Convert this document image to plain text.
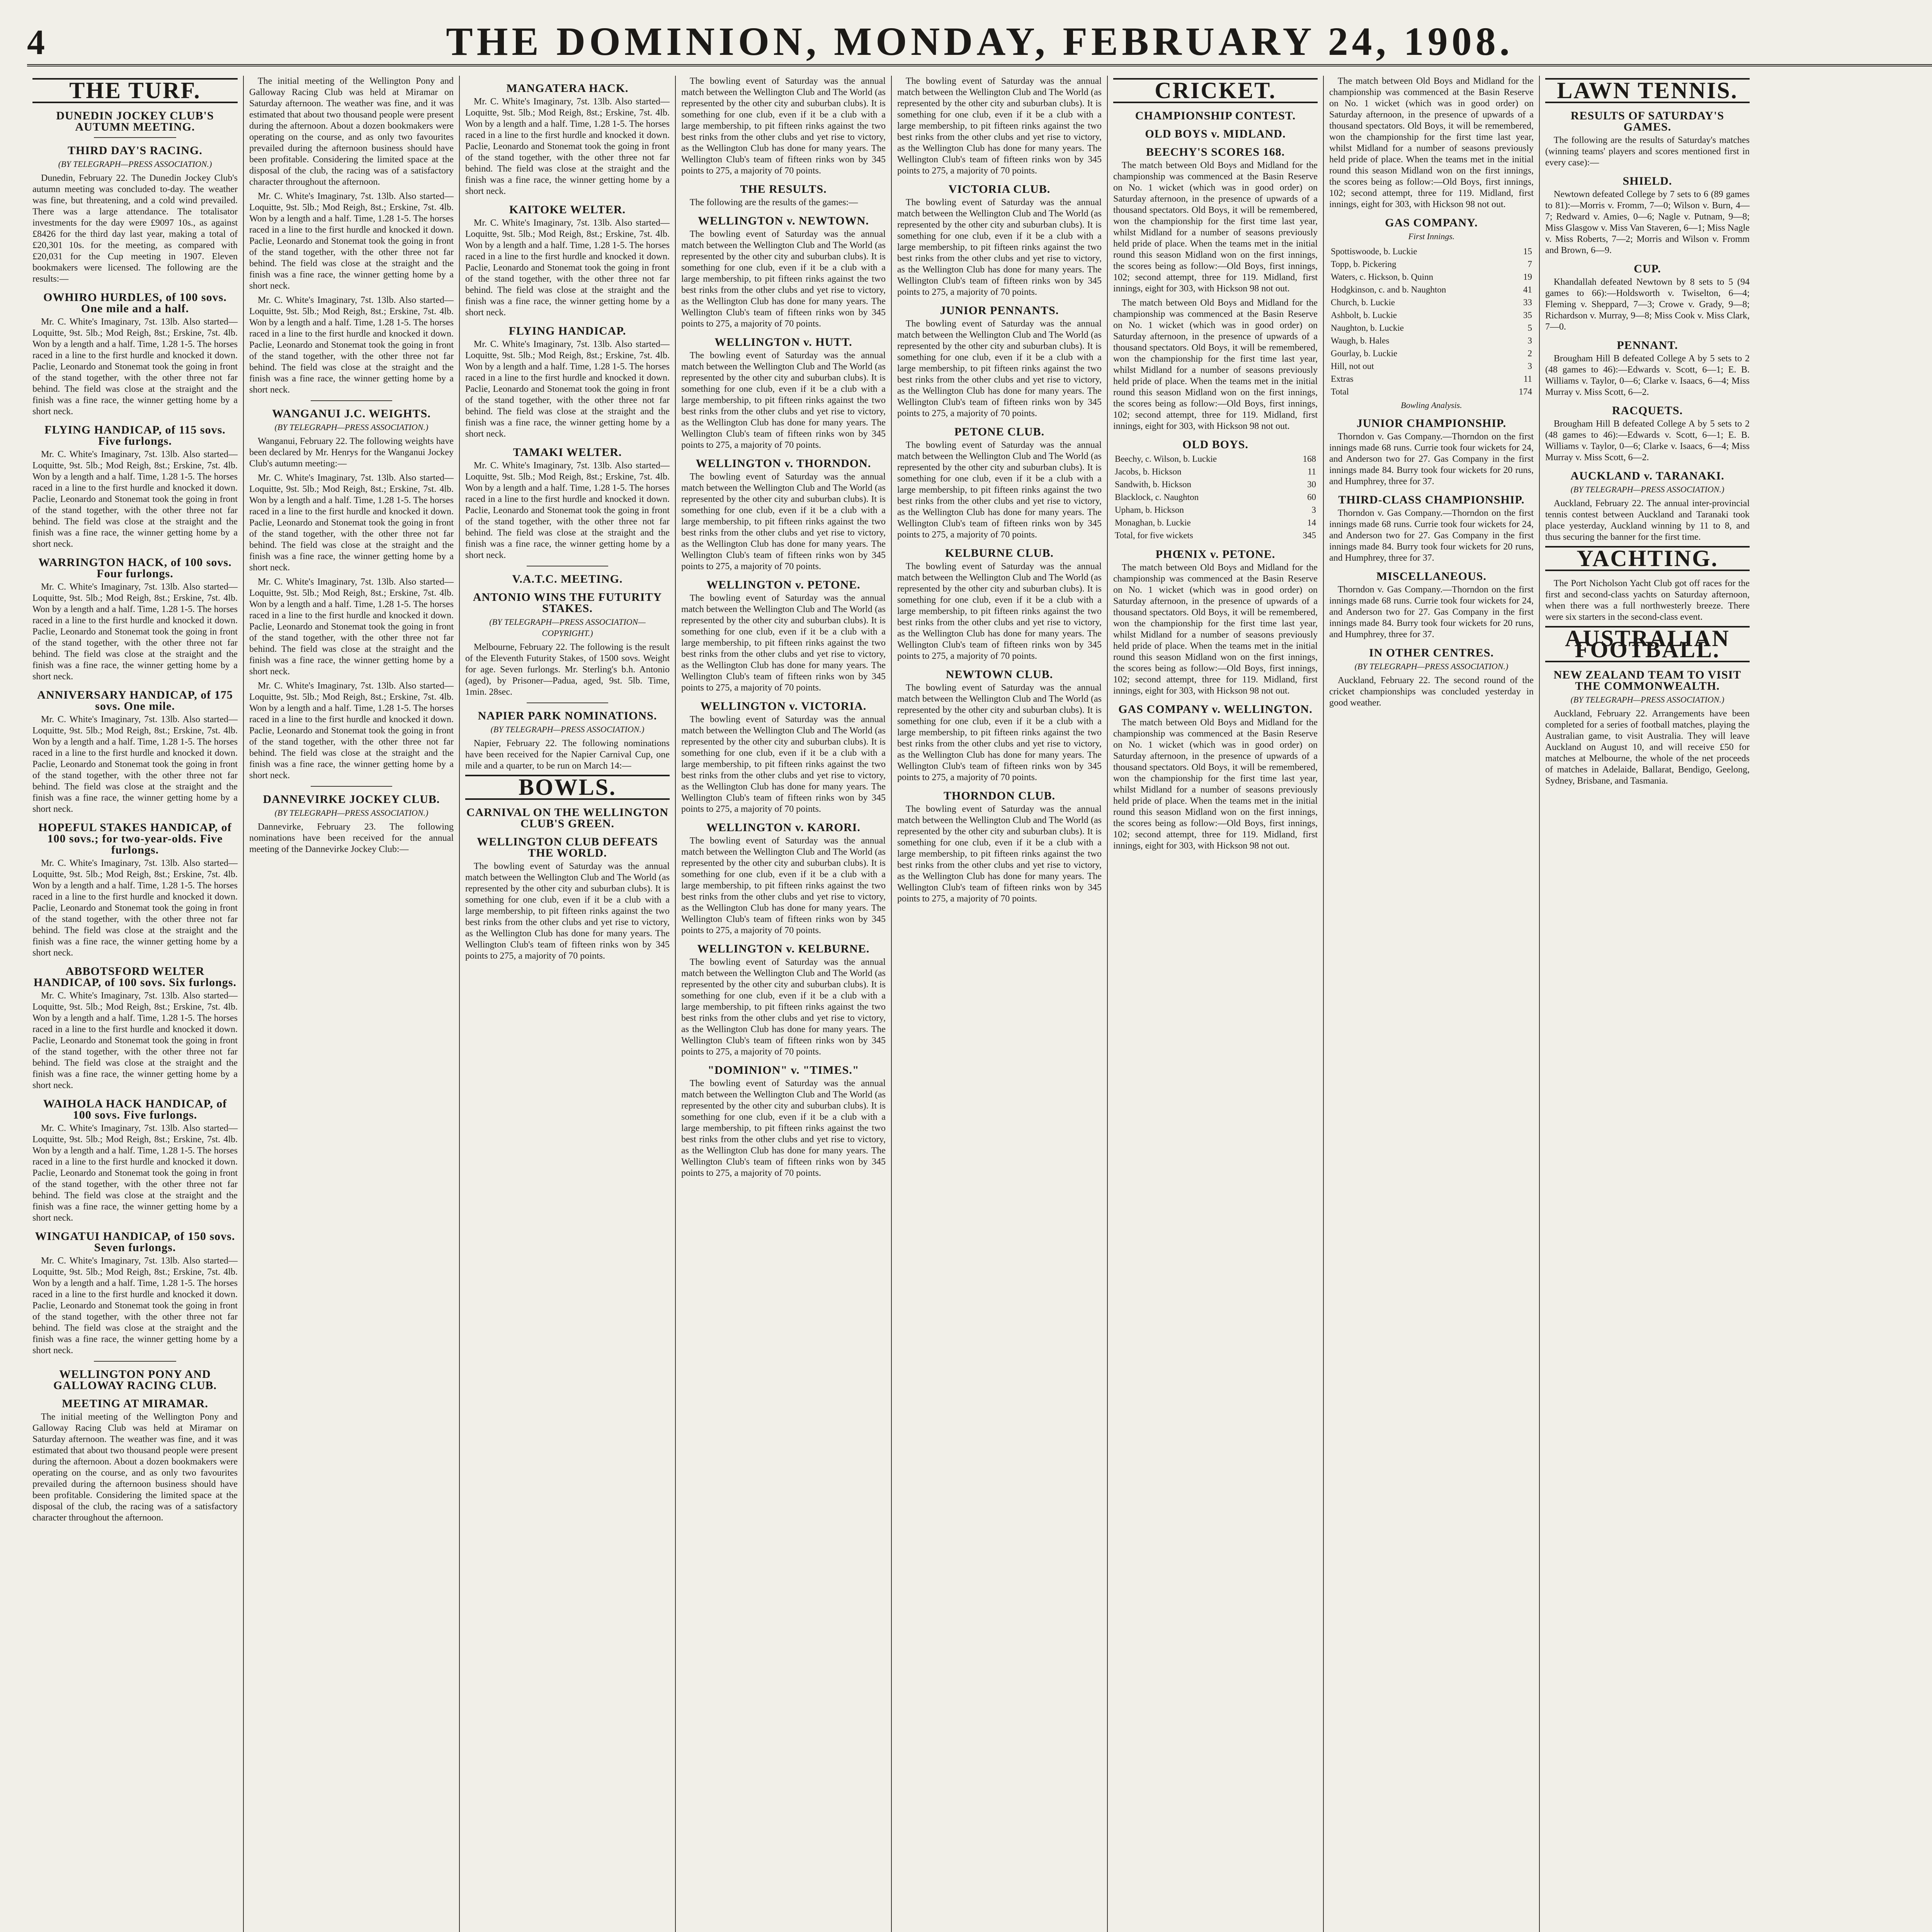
4	THE DOMINION, MONDAY, FEBRUARY 24, 1908.
THE TURF.
DUNEDIN JOCKEY CLUB'S AUTUMN MEETING.
THIRD DAY'S RACING.
(BY TELEGRAPH—PRESS ASSOCIATION.)

Dunedin, February 22. The Dunedin Jockey Club's autumn meeting was concluded to-day. The weather was fine, but threatening, and a cold wind prevailed. There was a large attendance. The totalisator investments for the day were £9097 10s., as against £8426 for the third day last year, making a total of £20,301 10s. for the meeting, as compared with £20,031 for the Cup meeting in 1907. Eleven bookmakers were licensed. The following are the results:—

OWHIRO HURDLES, of 100 sovs. One mile and a half.

Mr. C. White's Imaginary, 7st. 13lb. Also started—Loquitte, 9st. 5lb.; Mod Reigh, 8st.; Erskine, 7st. 4lb. Won by a length and a half. Time, 1.28 1-5. The horses raced in a line to the first hurdle and knocked it down. Paclie, Leonardo and Stonemat took the going in front of the stand together, with the other three not far behind. The field was close at the straight and the finish was a fine race, the winner getting home by a short neck.

FLYING HANDICAP, of 115 sovs. Five furlongs.

Mr. C. White's Imaginary, 7st. 13lb. Also started—Loquitte, 9st. 5lb.; Mod Reigh, 8st.; Erskine, 7st. 4lb. Won by a length and a half. Time, 1.28 1-5. The horses raced in a line to the first hurdle and knocked it down. Paclie, Leonardo and Stonemat took the going in front of the stand together, with the other three not far behind. The field was close at the straight and the finish was a fine race, the winner getting home by a short neck.

WARRINGTON HACK, of 100 sovs. Four furlongs.

Mr. C. White's Imaginary, 7st. 13lb. Also started—Loquitte, 9st. 5lb.; Mod Reigh, 8st.; Erskine, 7st. 4lb. Won by a length and a half. Time, 1.28 1-5. The horses raced in a line to the first hurdle and knocked it down. Paclie, Leonardo and Stonemat took the going in front of the stand together, with the other three not far behind. The field was close at the straight and the finish was a fine race, the winner getting home by a short neck.

ANNIVERSARY HANDICAP, of 175 sovs. One mile.

Mr. C. White's Imaginary, 7st. 13lb. Also started—Loquitte, 9st. 5lb.; Mod Reigh, 8st.; Erskine, 7st. 4lb. Won by a length and a half. Time, 1.28 1-5. The horses raced in a line to the first hurdle and knocked it down. Paclie, Leonardo and Stonemat took the going in front of the stand together, with the other three not far behind. The field was close at the straight and the finish was a fine race, the winner getting home by a short neck.

HOPEFUL STAKES HANDICAP, of 100 sovs.; for two-year-olds. Five furlongs.

Mr. C. White's Imaginary, 7st. 13lb. Also started—Loquitte, 9st. 5lb.; Mod Reigh, 8st.; Erskine, 7st. 4lb. Won by a length and a half. Time, 1.28 1-5. The horses raced in a line to the first hurdle and knocked it down. Paclie, Leonardo and Stonemat took the going in front of the stand together, with the other three not far behind. The field was close at the straight and the finish was a fine race, the winner getting home by a short neck.

ABBOTSFORD WELTER HANDICAP, of 100 sovs. Six furlongs.

Mr. C. White's Imaginary, 7st. 13lb. Also started—Loquitte, 9st. 5lb.; Mod Reigh, 8st.; Erskine, 7st. 4lb. Won by a length and a half. Time, 1.28 1-5. The horses raced in a line to the first hurdle and knocked it down. Paclie, Leonardo and Stonemat took the going in front of the stand together, with the other three not far behind. The field was close at the straight and the finish was a fine race, the winner getting home by a short neck.

WAIHOLA HACK HANDICAP, of 100 sovs. Five furlongs.

Mr. C. White's Imaginary, 7st. 13lb. Also started—Loquitte, 9st. 5lb.; Mod Reigh, 8st.; Erskine, 7st. 4lb. Won by a length and a half. Time, 1.28 1-5. The horses raced in a line to the first hurdle and knocked it down. Paclie, Leonardo and Stonemat took the going in front of the stand together, with the other three not far behind. The field was close at the straight and the finish was a fine race, the winner getting home by a short neck.

WINGATUI HANDICAP, of 150 sovs. Seven furlongs.

Mr. C. White's Imaginary, 7st. 13lb. Also started—Loquitte, 9st. 5lb.; Mod Reigh, 8st.; Erskine, 7st. 4lb. Won by a length and a half. Time, 1.28 1-5. The horses raced in a line to the first hurdle and knocked it down. Paclie, Leonardo and Stonemat took the going in front of the stand together, with the other three not far behind. The field was close at the straight and the finish was a fine race, the winner getting home by a short neck.

WELLINGTON PONY AND GALLOWAY RACING CLUB.
MEETING AT MIRAMAR.

The initial meeting of the Wellington Pony and Galloway Racing Club was held at Miramar on Saturday afternoon. The weather was fine, and it was estimated that about two thousand people were present during the afternoon. About a dozen bookmakers were operating on the course, and as only two favourites prevailed during the afternoon business should have been profitable. Considering the limited space at the disposal of the club, the racing was of a satisfactory character throughout the afternoon.

The initial meeting of the Wellington Pony and Galloway Racing Club was held at Miramar on Saturday afternoon. The weather was fine, and it was estimated that about two thousand people were present during the afternoon. About a dozen bookmakers were operating on the course, and as only two favourites prevailed during the afternoon business should have been profitable. Considering the limited space at the disposal of the club, the racing was of a satisfactory character throughout the afternoon.

Mr. C. White's Imaginary, 7st. 13lb. Also started—Loquitte, 9st. 5lb.; Mod Reigh, 8st.; Erskine, 7st. 4lb. Won by a length and a half. Time, 1.28 1-5. The horses raced in a line to the first hurdle and knocked it down. Paclie, Leonardo and Stonemat took the going in front of the stand together, with the other three not far behind. The field was close at the straight and the finish was a fine race, the winner getting home by a short neck.

Mr. C. White's Imaginary, 7st. 13lb. Also started—Loquitte, 9st. 5lb.; Mod Reigh, 8st.; Erskine, 7st. 4lb. Won by a length and a half. Time, 1.28 1-5. The horses raced in a line to the first hurdle and knocked it down. Paclie, Leonardo and Stonemat took the going in front of the stand together, with the other three not far behind. The field was close at the straight and the finish was a fine race, the winner getting home by a short neck.

WANGANUI J.C. WEIGHTS.
(BY TELEGRAPH—PRESS ASSOCIATION.)

Wanganui, February 22. The following weights have been declared by Mr. Henrys for the Wanganui Jockey Club's autumn meeting:—

Mr. C. White's Imaginary, 7st. 13lb. Also started—Loquitte, 9st. 5lb.; Mod Reigh, 8st.; Erskine, 7st. 4lb. Won by a length and a half. Time, 1.28 1-5. The horses raced in a line to the first hurdle and knocked it down. Paclie, Leonardo and Stonemat took the going in front of the stand together, with the other three not far behind. The field was close at the straight and the finish was a fine race, the winner getting home by a short neck.

Mr. C. White's Imaginary, 7st. 13lb. Also started—Loquitte, 9st. 5lb.; Mod Reigh, 8st.; Erskine, 7st. 4lb. Won by a length and a half. Time, 1.28 1-5. The horses raced in a line to the first hurdle and knocked it down. Paclie, Leonardo and Stonemat took the going in front of the stand together, with the other three not far behind. The field was close at the straight and the finish was a fine race, the winner getting home by a short neck.

Mr. C. White's Imaginary, 7st. 13lb. Also started—Loquitte, 9st. 5lb.; Mod Reigh, 8st.; Erskine, 7st. 4lb. Won by a length and a half. Time, 1.28 1-5. The horses raced in a line to the first hurdle and knocked it down. Paclie, Leonardo and Stonemat took the going in front of the stand together, with the other three not far behind. The field was close at the straight and the finish was a fine race, the winner getting home by a short neck.

DANNEVIRKE JOCKEY CLUB.
(BY TELEGRAPH—PRESS ASSOCIATION.)

Dannevirke, February 23. The following nominations have been received for the annual meeting of the Dannevirke Jockey Club:—

MANGATERA HACK.

Mr. C. White's Imaginary, 7st. 13lb. Also started—Loquitte, 9st. 5lb.; Mod Reigh, 8st.; Erskine, 7st. 4lb. Won by a length and a half. Time, 1.28 1-5. The horses raced in a line to the first hurdle and knocked it down. Paclie, Leonardo and Stonemat took the going in front of the stand together, with the other three not far behind. The field was close at the straight and the finish was a fine race, the winner getting home by a short neck.

KAITOKE WELTER.

Mr. C. White's Imaginary, 7st. 13lb. Also started—Loquitte, 9st. 5lb.; Mod Reigh, 8st.; Erskine, 7st. 4lb. Won by a length and a half. Time, 1.28 1-5. The horses raced in a line to the first hurdle and knocked it down. Paclie, Leonardo and Stonemat took the going in front of the stand together, with the other three not far behind. The field was close at the straight and the finish was a fine race, the winner getting home by a short neck.

FLYING HANDICAP.

Mr. C. White's Imaginary, 7st. 13lb. Also started—Loquitte, 9st. 5lb.; Mod Reigh, 8st.; Erskine, 7st. 4lb. Won by a length and a half. Time, 1.28 1-5. The horses raced in a line to the first hurdle and knocked it down. Paclie, Leonardo and Stonemat took the going in front of the stand together, with the other three not far behind. The field was close at the straight and the finish was a fine race, the winner getting home by a short neck.

TAMAKI WELTER.

Mr. C. White's Imaginary, 7st. 13lb. Also started—Loquitte, 9st. 5lb.; Mod Reigh, 8st.; Erskine, 7st. 4lb. Won by a length and a half. Time, 1.28 1-5. The horses raced in a line to the first hurdle and knocked it down. Paclie, Leonardo and Stonemat took the going in front of the stand together, with the other three not far behind. The field was close at the straight and the finish was a fine race, the winner getting home by a short neck.

V.A.T.C. MEETING.
ANTONIO WINS THE FUTURITY STAKES.
(BY TELEGRAPH—PRESS ASSOCIATION—COPYRIGHT.)

Melbourne, February 22. The following is the result of the Eleventh Futurity Stakes, of 1500 sovs. Weight for age. Seven furlongs. Mr. Sterling's b.h. Antonio (aged), by Prisoner—Padua, aged, 9st. 5lb. Time, 1min. 28sec.

NAPIER PARK NOMINATIONS.
(BY TELEGRAPH—PRESS ASSOCIATION.)

Napier, February 22. The following nominations have been received for the Napier Carnival Cup, one mile and a quarter, to be run on March 14:—

BOWLS.
CARNIVAL ON THE WELLINGTON CLUB'S GREEN.
WELLINGTON CLUB DEFEATS THE WORLD.

The bowling event of Saturday was the annual match between the Wellington Club and The World (as represented by the other city and suburban clubs). It is something for one club, even if it be a club with a large membership, to pit fifteen rinks against the two best rinks from the other clubs and yet rise to victory, as the Wellington Club has done for many years. The Wellington Club's team of fifteen rinks won by 345 points to 275, a majority of 70 points.

The bowling event of Saturday was the annual match between the Wellington Club and The World (as represented by the other city and suburban clubs). It is something for one club, even if it be a club with a large membership, to pit fifteen rinks against the two best rinks from the other clubs and yet rise to victory, as the Wellington Club has done for many years. The Wellington Club's team of fifteen rinks won by 345 points to 275, a majority of 70 points.

THE RESULTS.

The following are the results of the games:—

WELLINGTON v. NEWTOWN.

The bowling event of Saturday was the annual match between the Wellington Club and The World (as represented by the other city and suburban clubs). It is something for one club, even if it be a club with a large membership, to pit fifteen rinks against the two best rinks from the other clubs and yet rise to victory, as the Wellington Club has done for many years. The Wellington Club's team of fifteen rinks won by 345 points to 275, a majority of 70 points.

WELLINGTON v. HUTT.

The bowling event of Saturday was the annual match between the Wellington Club and The World (as represented by the other city and suburban clubs). It is something for one club, even if it be a club with a large membership, to pit fifteen rinks against the two best rinks from the other clubs and yet rise to victory, as the Wellington Club has done for many years. The Wellington Club's team of fifteen rinks won by 345 points to 275, a majority of 70 points.

WELLINGTON v. THORNDON.

The bowling event of Saturday was the annual match between the Wellington Club and The World (as represented by the other city and suburban clubs). It is something for one club, even if it be a club with a large membership, to pit fifteen rinks against the two best rinks from the other clubs and yet rise to victory, as the Wellington Club has done for many years. The Wellington Club's team of fifteen rinks won by 345 points to 275, a majority of 70 points.

WELLINGTON v. PETONE.

The bowling event of Saturday was the annual match between the Wellington Club and The World (as represented by the other city and suburban clubs). It is something for one club, even if it be a club with a large membership, to pit fifteen rinks against the two best rinks from the other clubs and yet rise to victory, as the Wellington Club has done for many years. The Wellington Club's team of fifteen rinks won by 345 points to 275, a majority of 70 points.

WELLINGTON v. VICTORIA.

The bowling event of Saturday was the annual match between the Wellington Club and The World (as represented by the other city and suburban clubs). It is something for one club, even if it be a club with a large membership, to pit fifteen rinks against the two best rinks from the other clubs and yet rise to victory, as the Wellington Club has done for many years. The Wellington Club's team of fifteen rinks won by 345 points to 275, a majority of 70 points.

WELLINGTON v. KARORI.

The bowling event of Saturday was the annual match between the Wellington Club and The World (as represented by the other city and suburban clubs). It is something for one club, even if it be a club with a large membership, to pit fifteen rinks against the two best rinks from the other clubs and yet rise to victory, as the Wellington Club has done for many years. The Wellington Club's team of fifteen rinks won by 345 points to 275, a majority of 70 points.

WELLINGTON v. KELBURNE.

The bowling event of Saturday was the annual match between the Wellington Club and The World (as represented by the other city and suburban clubs). It is something for one club, even if it be a club with a large membership, to pit fifteen rinks against the two best rinks from the other clubs and yet rise to victory, as the Wellington Club has done for many years. The Wellington Club's team of fifteen rinks won by 345 points to 275, a majority of 70 points.

"DOMINION" v. "TIMES."

The bowling event of Saturday was the annual match between the Wellington Club and The World (as represented by the other city and suburban clubs). It is something for one club, even if it be a club with a large membership, to pit fifteen rinks against the two best rinks from the other clubs and yet rise to victory, as the Wellington Club has done for many years. The Wellington Club's team of fifteen rinks won by 345 points to 275, a majority of 70 points.

The bowling event of Saturday was the annual match between the Wellington Club and The World (as represented by the other city and suburban clubs). It is something for one club, even if it be a club with a large membership, to pit fifteen rinks against the two best rinks from the other clubs and yet rise to victory, as the Wellington Club has done for many years. The Wellington Club's team of fifteen rinks won by 345 points to 275, a majority of 70 points.

VICTORIA CLUB.

The bowling event of Saturday was the annual match between the Wellington Club and The World (as represented by the other city and suburban clubs). It is something for one club, even if it be a club with a large membership, to pit fifteen rinks against the two best rinks from the other clubs and yet rise to victory, as the Wellington Club has done for many years. The Wellington Club's team of fifteen rinks won by 345 points to 275, a majority of 70 points.

JUNIOR PENNANTS.

The bowling event of Saturday was the annual match between the Wellington Club and The World (as represented by the other city and suburban clubs). It is something for one club, even if it be a club with a large membership, to pit fifteen rinks against the two best rinks from the other clubs and yet rise to victory, as the Wellington Club has done for many years. The Wellington Club's team of fifteen rinks won by 345 points to 275, a majority of 70 points.

PETONE CLUB.

The bowling event of Saturday was the annual match between the Wellington Club and The World (as represented by the other city and suburban clubs). It is something for one club, even if it be a club with a large membership, to pit fifteen rinks against the two best rinks from the other clubs and yet rise to victory, as the Wellington Club has done for many years. The Wellington Club's team of fifteen rinks won by 345 points to 275, a majority of 70 points.

KELBURNE CLUB.

The bowling event of Saturday was the annual match between the Wellington Club and The World (as represented by the other city and suburban clubs). It is something for one club, even if it be a club with a large membership, to pit fifteen rinks against the two best rinks from the other clubs and yet rise to victory, as the Wellington Club has done for many years. The Wellington Club's team of fifteen rinks won by 345 points to 275, a majority of 70 points.

NEWTOWN CLUB.

The bowling event of Saturday was the annual match between the Wellington Club and The World (as represented by the other city and suburban clubs). It is something for one club, even if it be a club with a large membership, to pit fifteen rinks against the two best rinks from the other clubs and yet rise to victory, as the Wellington Club has done for many years. The Wellington Club's team of fifteen rinks won by 345 points to 275, a majority of 70 points.

THORNDON CLUB.

The bowling event of Saturday was the annual match between the Wellington Club and The World (as represented by the other city and suburban clubs). It is something for one club, even if it be a club with a large membership, to pit fifteen rinks against the two best rinks from the other clubs and yet rise to victory, as the Wellington Club has done for many years. The Wellington Club's team of fifteen rinks won by 345 points to 275, a majority of 70 points.

CRICKET.
CHAMPIONSHIP CONTEST.
OLD BOYS v. MIDLAND.
BEECHY'S SCORES 168.

The match between Old Boys and Midland for the championship was commenced at the Basin Reserve on No. 1 wicket (which was in good order) on Saturday afternoon, in the presence of upwards of a thousand spectators. Old Boys, it will be remembered, won the championship for the first time last year, whilst Midland for a number of seasons previously held pride of place. When the teams met in the initial round this season Midland won on the first innings, the scores being as follow:—Old Boys, first innings, 102; second attempt, three for 119. Midland, first innings, eight for 303, with Hickson 98 not out.

The match between Old Boys and Midland for the championship was commenced at the Basin Reserve on No. 1 wicket (which was in good order) on Saturday afternoon, in the presence of upwards of a thousand spectators. Old Boys, it will be remembered, won the championship for the first time last year, whilst Midland for a number of seasons previously held pride of place. When the teams met in the initial round this season Midland won on the first innings, the scores being as follow:—Old Boys, first innings, 102; second attempt, three for 119. Midland, first innings, eight for 303, with Hickson 98 not out.

OLD BOYS.
Beechy, c. Wilson, b. Luckie	168
Jacobs, b. Hickson	11
Sandwith, b. Hickson	30
Blacklock, c. Naughton	60
Upham, b. Hickson	3
Monaghan, b. Luckie	14
Total, for five wickets	345
PHŒNIX v. PETONE.

The match between Old Boys and Midland for the championship was commenced at the Basin Reserve on No. 1 wicket (which was in good order) on Saturday afternoon, in the presence of upwards of a thousand spectators. Old Boys, it will be remembered, won the championship for the first time last year, whilst Midland for a number of seasons previously held pride of place. When the teams met in the initial round this season Midland won on the first innings, the scores being as follow:—Old Boys, first innings, 102; second attempt, three for 119. Midland, first innings, eight for 303, with Hickson 98 not out.

GAS COMPANY v. WELLINGTON.

The match between Old Boys and Midland for the championship was commenced at the Basin Reserve on No. 1 wicket (which was in good order) on Saturday afternoon, in the presence of upwards of a thousand spectators. Old Boys, it will be remembered, won the championship for the first time last year, whilst Midland for a number of seasons previously held pride of place. When the teams met in the initial round this season Midland won on the first innings, the scores being as follow:—Old Boys, first innings, 102; second attempt, three for 119. Midland, first innings, eight for 303, with Hickson 98 not out.

The match between Old Boys and Midland for the championship was commenced at the Basin Reserve on No. 1 wicket (which was in good order) on Saturday afternoon, in the presence of upwards of a thousand spectators. Old Boys, it will be remembered, won the championship for the first time last year, whilst Midland for a number of seasons previously held pride of place. When the teams met in the initial round this season Midland won on the first innings, the scores being as follow:—Old Boys, first innings, 102; second attempt, three for 119. Midland, first innings, eight for 303, with Hickson 98 not out.

GAS COMPANY.
First Innings.
Spottiswoode, b. Luckie	15
Topp, b. Pickering	7
Waters, c. Hickson, b. Quinn	19
Hodgkinson, c. and b. Naughton	41
Church, b. Luckie	33
Ashbolt, b. Luckie	35
Naughton, b. Luckie	5
Waugh, b. Hales	3
Gourlay, b. Luckie	2
Hill, not out	3
Extras	11
Total	174
Bowling Analysis.
JUNIOR CHAMPIONSHIP.

Thorndon v. Gas Company.—Thorndon on the first innings made 68 runs. Currie took four wickets for 24, and Anderson two for 27. Gas Company in the first innings made 84. Burry took four wickets for 20 runs, and Humphrey, three for 37.

THIRD-CLASS CHAMPIONSHIP.

Thorndon v. Gas Company.—Thorndon on the first innings made 68 runs. Currie took four wickets for 24, and Anderson two for 27. Gas Company in the first innings made 84. Burry took four wickets for 20 runs, and Humphrey, three for 37.

MISCELLANEOUS.

Thorndon v. Gas Company.—Thorndon on the first innings made 68 runs. Currie took four wickets for 24, and Anderson two for 27. Gas Company in the first innings made 84. Burry took four wickets for 20 runs, and Humphrey, three for 37.

IN OTHER CENTRES.
(BY TELEGRAPH—PRESS ASSOCIATION.)

Auckland, February 22. The second round of the cricket championships was concluded yesterday in good weather.

LAWN TENNIS.
RESULTS OF SATURDAY'S GAMES.

The following are the results of Saturday's matches (winning teams' players and scores mentioned first in every case):—

SHIELD.

Newtown defeated College by 7 sets to 6 (89 games to 81):—Morris v. Fromm, 7—0; Wilson v. Burn, 4—7; Redward v. Amies, 0—6; Nagle v. Putnam, 9—8; Miss Glasgow v. Miss Van Staveren, 6—1; Miss Nagle v. Miss Roberts, 7—2; Morris and Wilson v. Fromm and Brown, 6—9.

CUP.

Khandallah defeated Newtown by 8 sets to 5 (94 games to 66):—Holdsworth v. Twiselton, 6—4; Fleming v. Sheppard, 7—3; Crowe v. Grady, 9—8; Richardson v. Murray, 9—8; Miss Cook v. Miss Clark, 7—0.

PENNANT.

Brougham Hill B defeated College A by 5 sets to 2 (48 games to 46):—Edwards v. Scott, 6—1; E. B. Williams v. Taylor, 0—6; Clarke v. Isaacs, 6—4; Miss Murray v. Miss Scott, 6—2.

RACQUETS.

Brougham Hill B defeated College A by 5 sets to 2 (48 games to 46):—Edwards v. Scott, 6—1; E. B. Williams v. Taylor, 0—6; Clarke v. Isaacs, 6—4; Miss Murray v. Miss Scott, 6—2.

AUCKLAND v. TARANAKI.
(BY TELEGRAPH—PRESS ASSOCIATION.)

Auckland, February 22. The annual inter-provincial tennis contest between Auckland and Taranaki took place yesterday, Auckland winning by 11 to 8, and thus securing the banner for the first time.

YACHTING.

The Port Nicholson Yacht Club got off races for the first and second-class yachts on Saturday afternoon, when there was a full northwesterly breeze. There were six starters in the second-class event.

AUSTRALIAN FOOTBALL.
NEW ZEALAND TEAM TO VISIT THE COMMONWEALTH.
(BY TELEGRAPH—PRESS ASSOCIATION.)

Auckland, February 22. Arrangements have been completed for a series of football matches, playing the Australian game, to visit Australia. They will leave Auckland on August 10, and will receive £50 for matches at Melbourne, the whole of the net proceeds of matches in Adelaide, Ballarat, Bendigo, Geelong, Sydney, Brisbane, and Tasmania.
